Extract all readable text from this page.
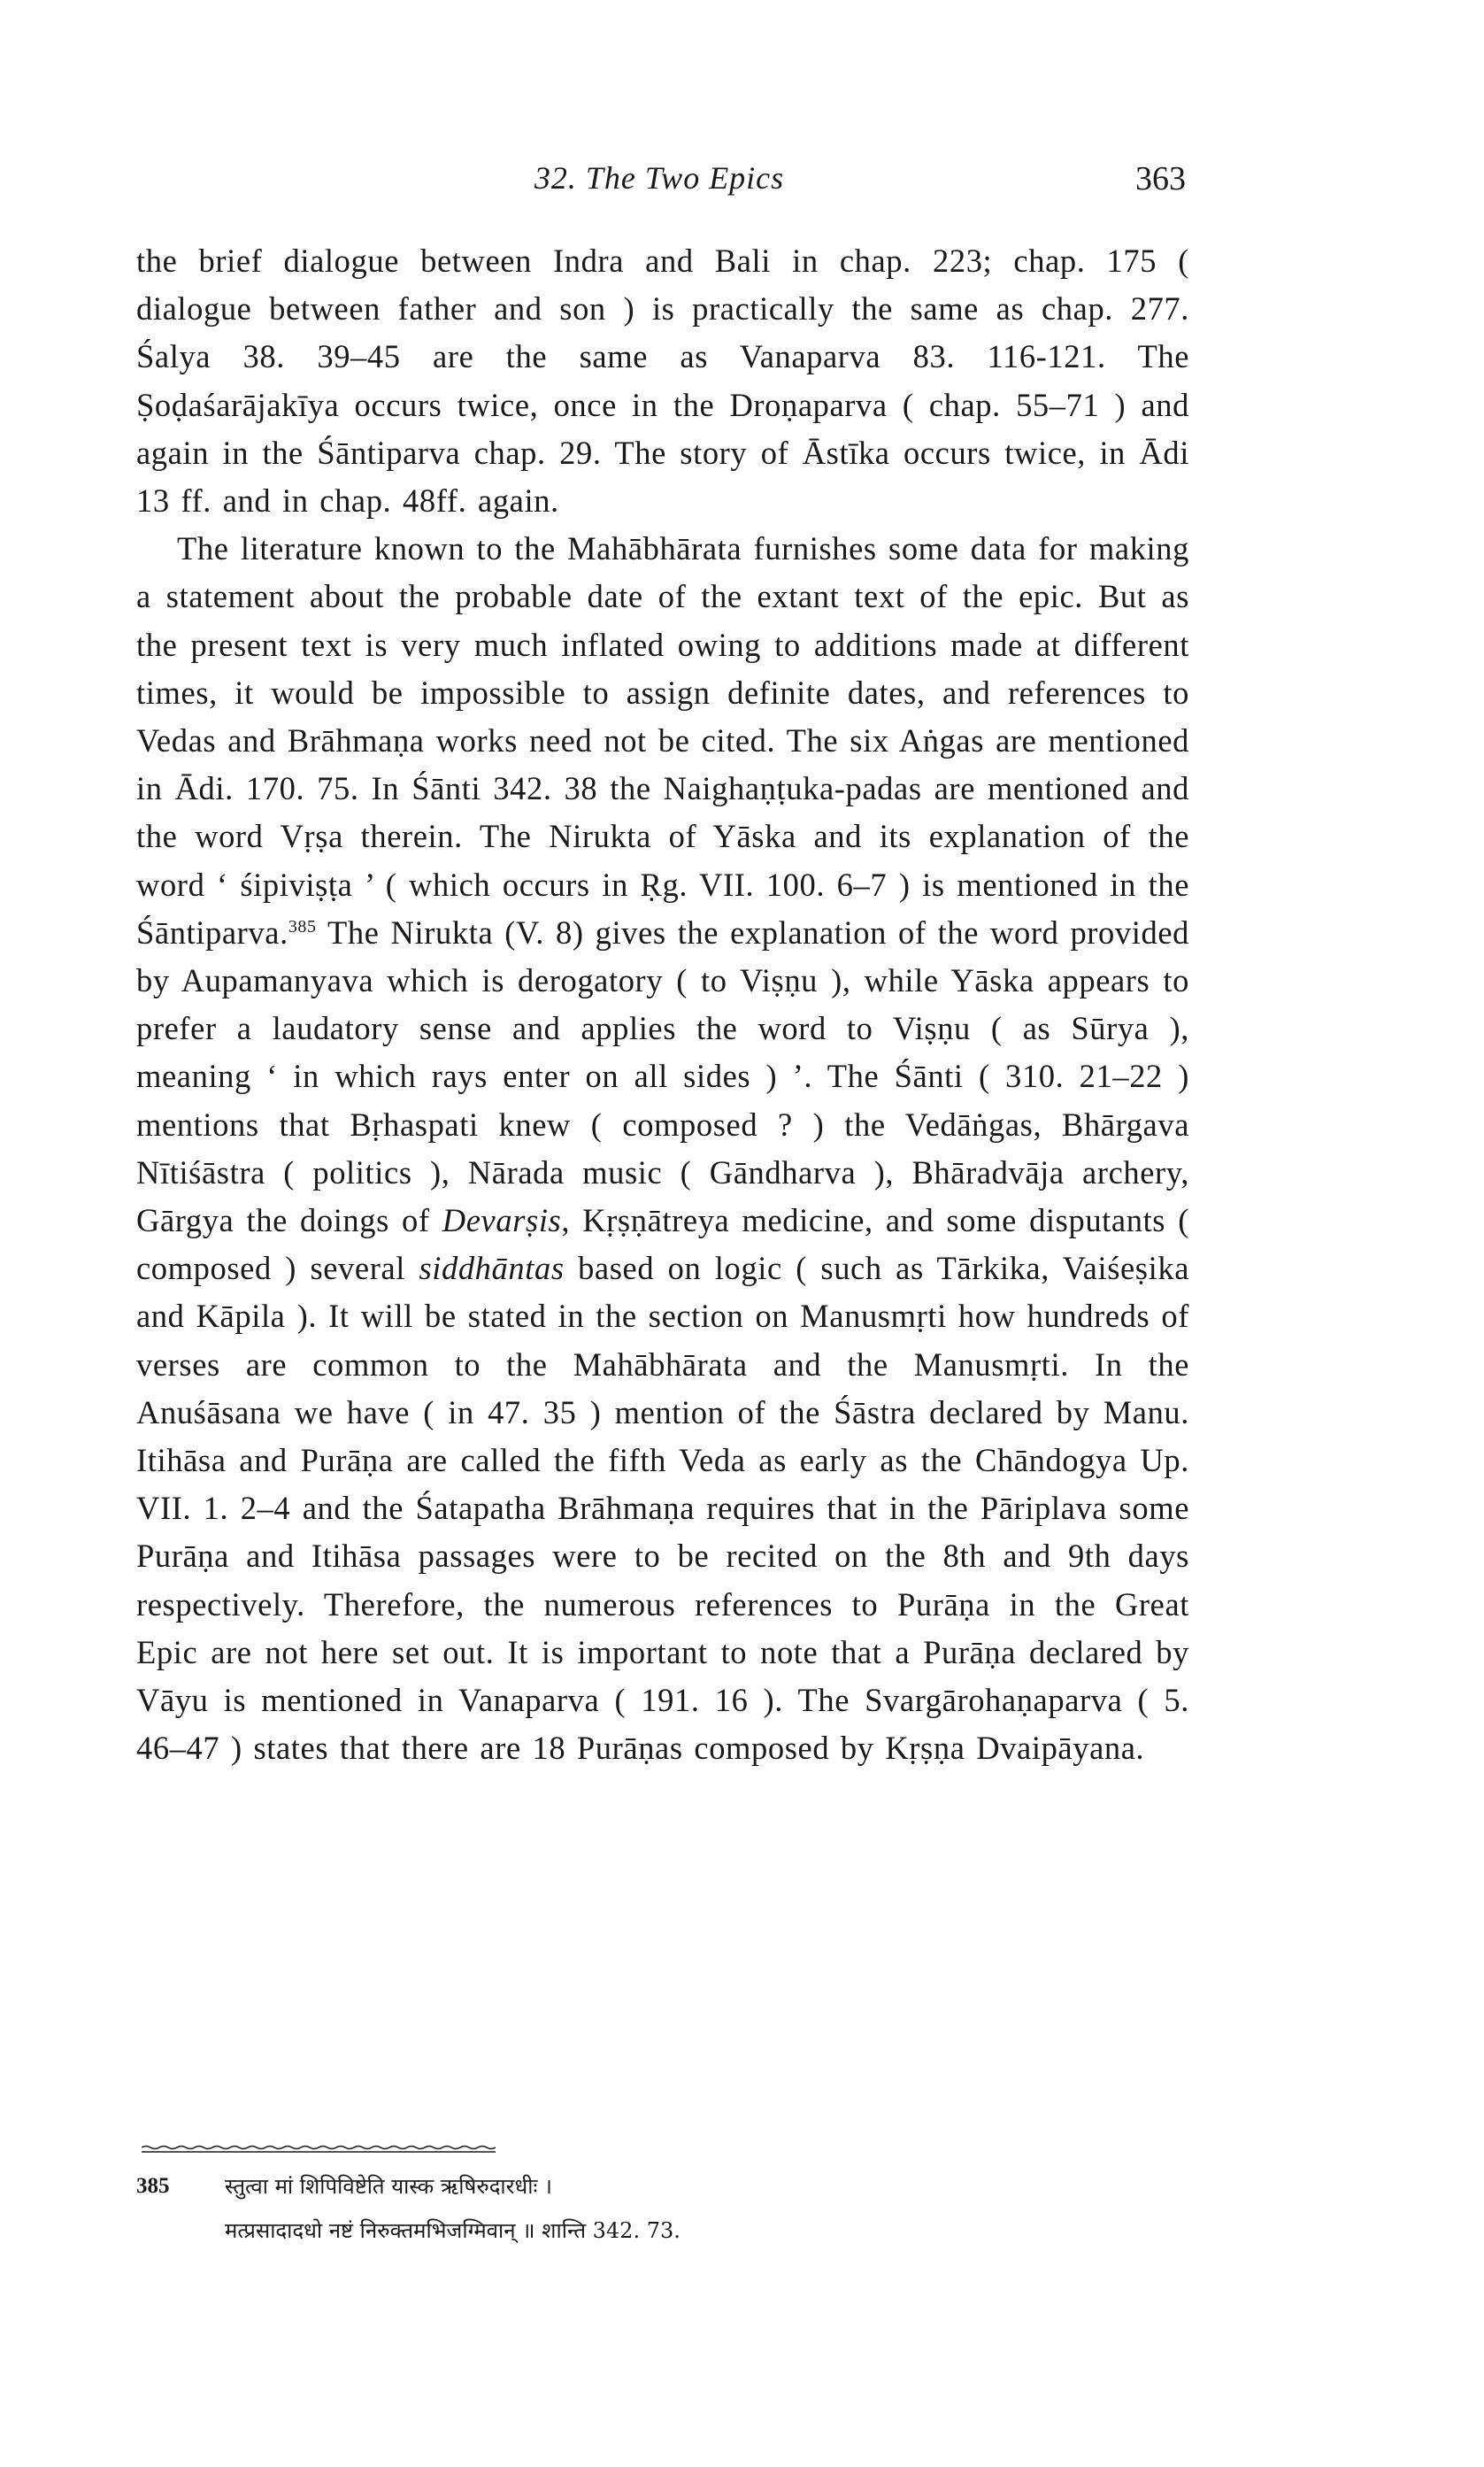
32. The Two Epics	363

the brief dialogue between Indra and Bali in chap. 223; chap. 175 ( dialogue between father and son ) is practically the same as chap. 277. Śalya 38. 39–45 are the same as Vanaparva 83. 116-121. The Ṣoḍaśarājakīya occurs twice, once in the Droṇaparva ( chap. 55–71 ) and again in the Śāntiparva chap. 29. The story of Āstīka occurs twice, in Ādi 13 ff. and in chap. 48ff. again.

The literature known to the Mahābhārata furnishes some data for making a statement about the probable date of the extant text of the epic. But as the present text is very much inflated owing to additions made at different times, it would be impossible to assign definite dates, and references to Vedas and Brāhmaṇa works need not be cited. The six Aṅgas are mentioned in Ādi. 170. 75. In Śānti 342. 38 the Naighaṇṭuka-padas are mentioned and the word Vṛṣa therein. The Nirukta of Yāska and its explanation of the word ‘ śipiviṣṭa ’ ( which occurs in Ṛg. VII. 100. 6–7 ) is mentioned in the Śāntiparva.$^{385}$ The Nirukta (V. 8) gives the explanation of the word provided by Aupamanyava which is derogatory ( to Viṣṇu ), while Yāska appears to prefer a laudatory sense and applies the word to Viṣṇu ( as Sūrya ), meaning ‘ in which rays enter on all sides ) ’. The Śānti ( 310. 21–22 ) mentions that Bṛhaspati knew ( composed ? ) the Vedāṅgas, Bhārgava Nītiśāstra ( politics ), Nārada music ( Gāndharva ), Bhāradvāja archery, Gārgya the doings of Devarṣis, Kṛṣṇātreya medicine, and some disputants ( composed ) several siddhāntas based on logic ( such as Tārkika, Vaiśeṣika and Kāpila ). It will be stated in the section on Manusmṛti how hundreds of verses are common to the Mahābhārata and the Manusmṛti. In the Anuśāsana we have ( in 47. 35 ) mention of the Śāstra declared by Manu. Itihāsa and Purāṇa are called the fifth Veda as early as the Chāndogya Up. VII. 1. 2–4 and the Śatapatha Brāhmaṇa requires that in the Pāriplava some Purāṇa and Itihāsa passages were to be recited on the 8th and 9th days respectively. Therefore, the numerous references to Purāṇa in the Great Epic are not here set out. It is important to note that a Purāṇa declared by Vāyu is mentioned in Vanaparva ( 191. 16 ). The Svargārohaṇaparva ( 5. 46–47 ) states that there are 18 Purāṇas composed by Kṛṣṇa Dvaipāyana.

385	स्तुत्वा मां शिपिविष्टेति यास्क ऋषिरुदारधीः ।
मत्प्रसादादधो नष्टं निरुक्तमभिजग्मिवान् ॥ शान्ति 342. 73.
